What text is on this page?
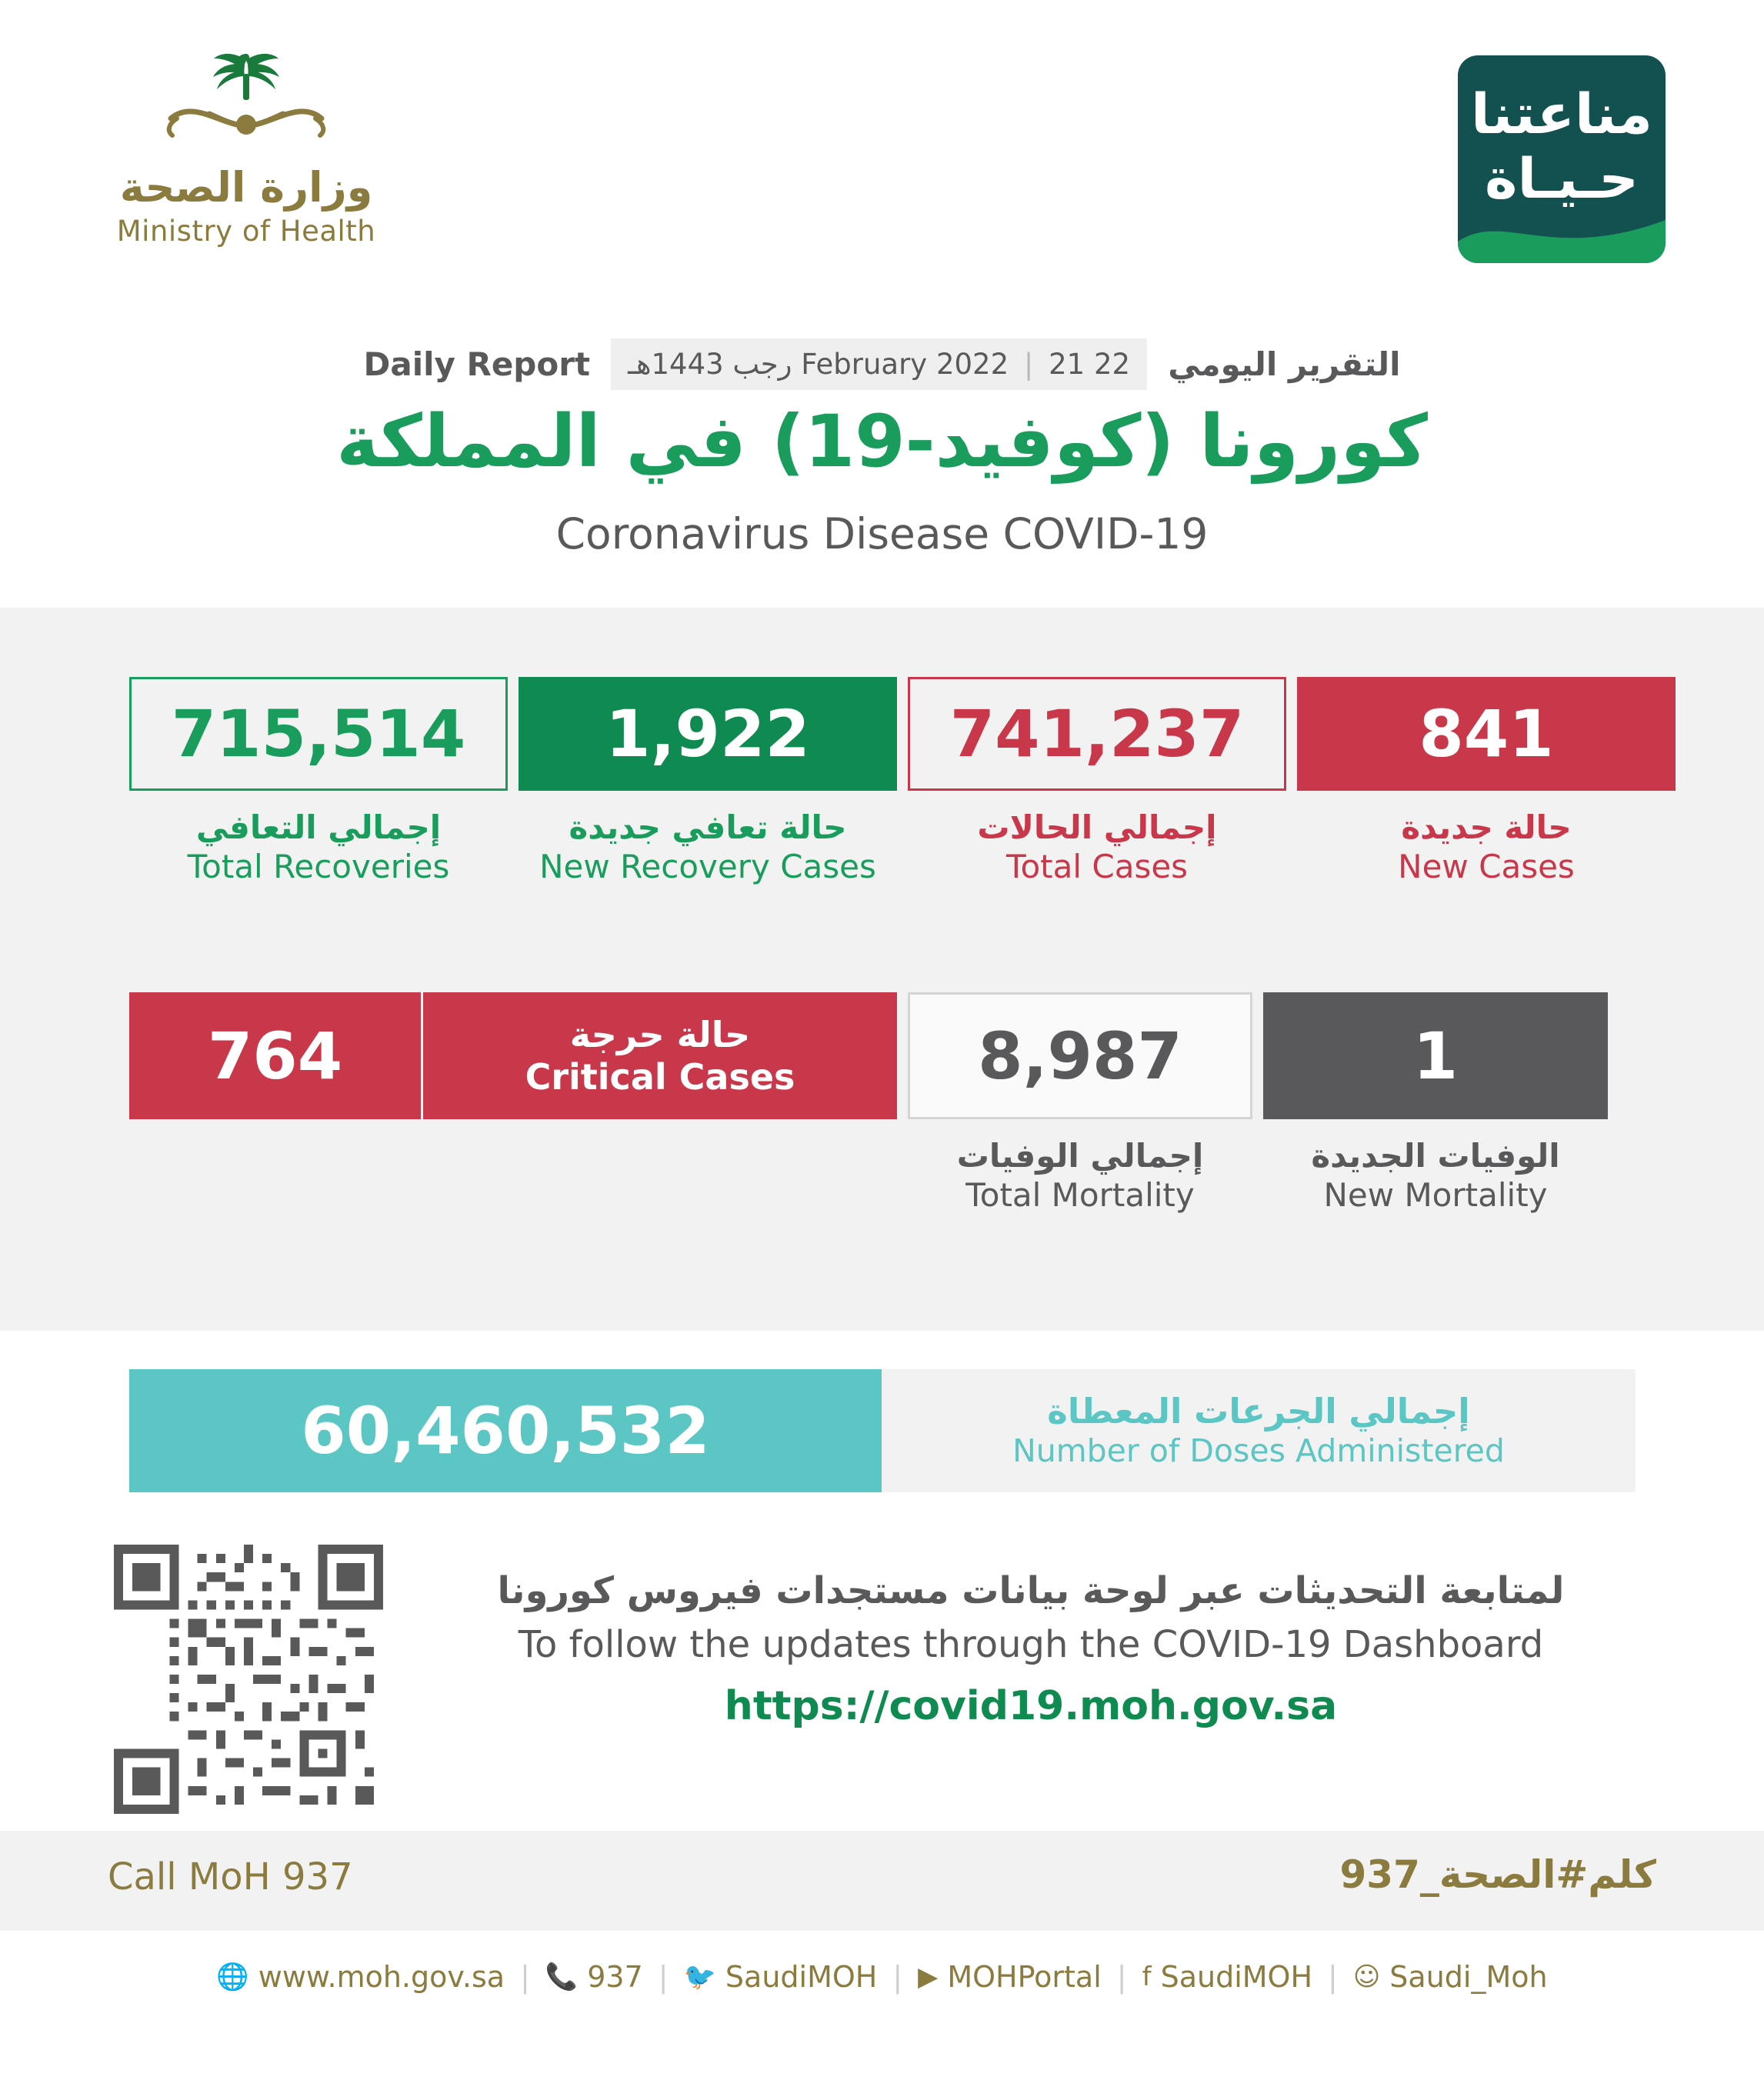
وزارة الصحة
Ministry of Health
مناعتنا
حـيـاة
Daily Report	22 February 2022 | 21 رجب 1443هـ	التقرير اليومي
كورونا (كوفيد-19) في المملكة
Coronavirus Disease COVID-19
715,514
إجمالي التعافي
Total Recoveries
1,922
حالة تعافي جديدة
New Recovery Cases
741,237
إجمالي الحالات
Total Cases
841
حالة جديدة
New Cases
764	حالة حرجة
Critical Cases	8,987
إجمالي الوفيات
Total Mortality
1
الوفيات الجديدة
New Mortality
60,460,532	إجمالي الجرعات المعطاة
Number of Doses Administered
لمتابعة التحديثات عبر لوحة بيانات مستجدات فيروس كورونا
To follow the updates through the COVID-19 Dashboard
https://covid19.moh.gov.sa
Call MoH 937	كلم#الصحة_937
🌐 www.moh.gov.sa | 📞 937 | 🐦 SaudiMOH | ▶ MOHPortal | f SaudiMOH | ☺ Saudi_Moh
